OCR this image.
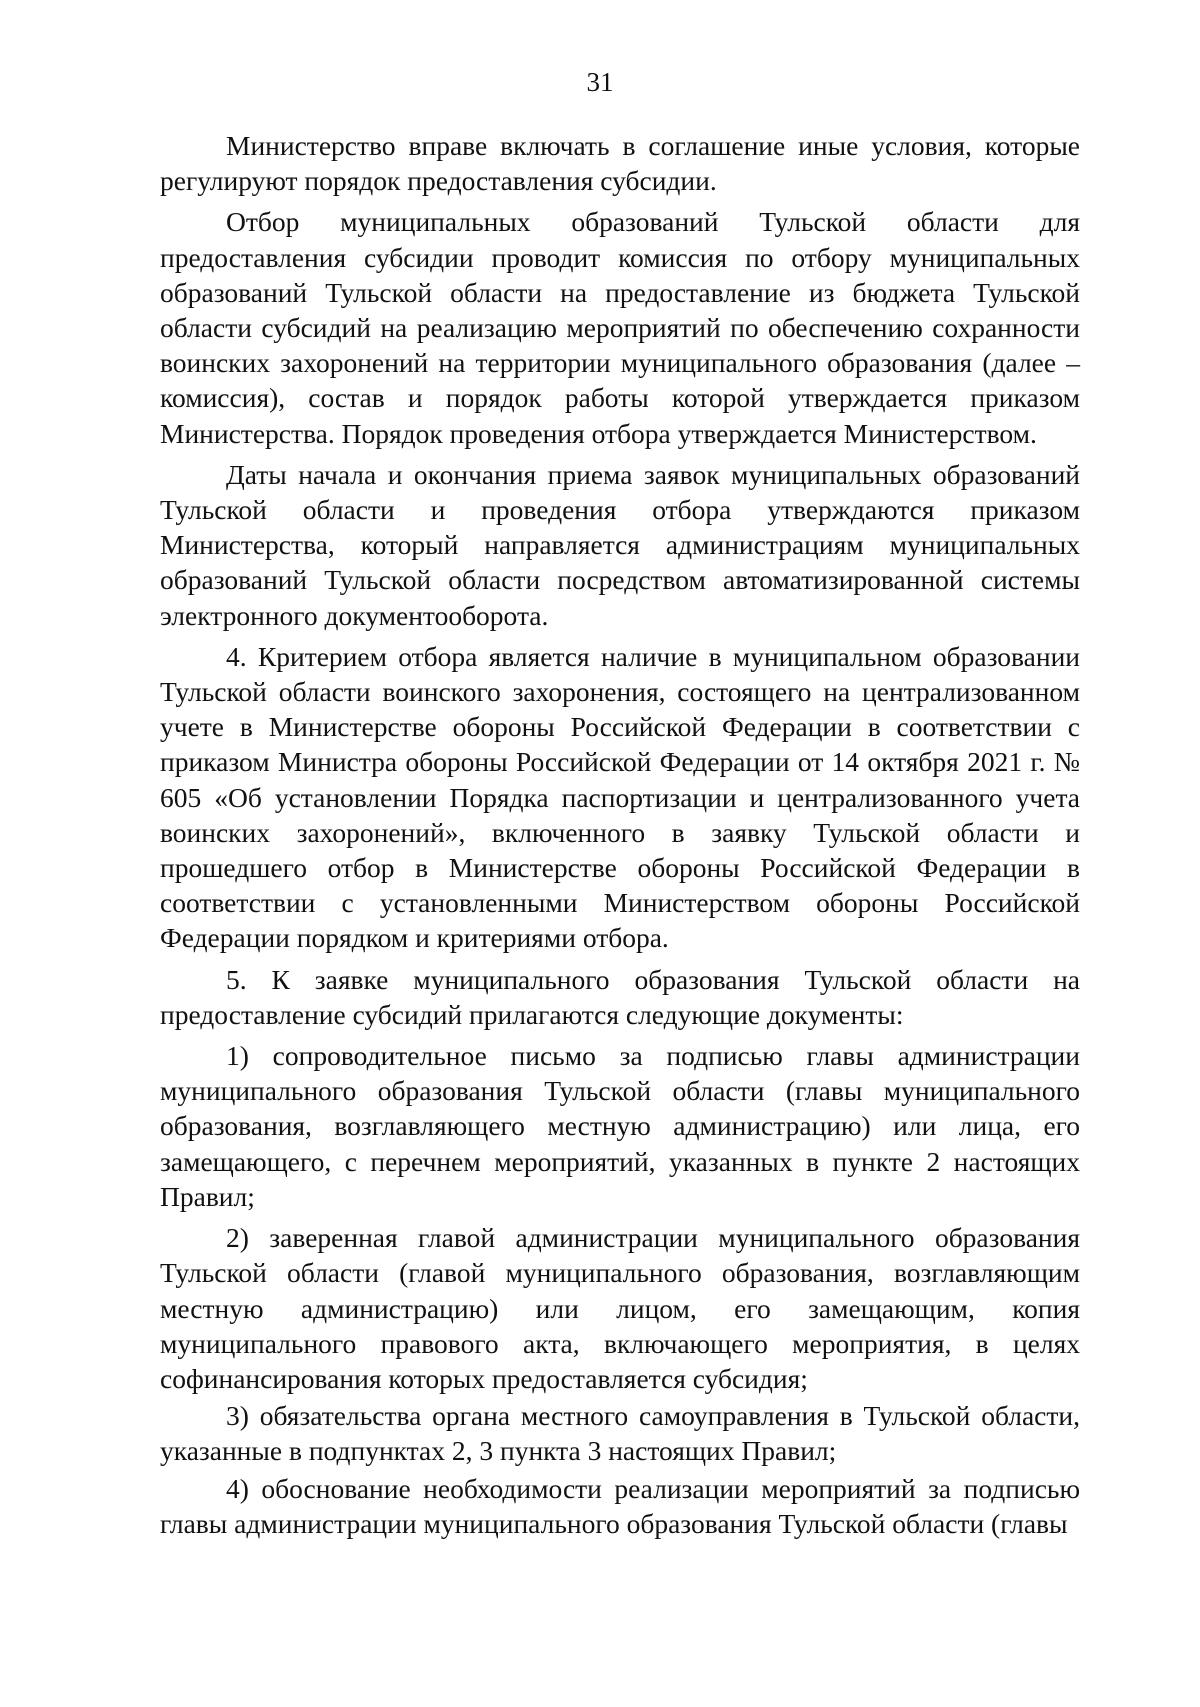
31

Министерство вправе включать в соглашение иные условия, которые регулируют порядок предоставления субсидии.

Отбор муниципальных образований Тульской области для предоставления субсидии проводит комиссия по отбору муниципальных образований Тульской области на предоставление из бюджета Тульской области субсидий на реализацию мероприятий по обеспечению сохранности воинских захоронений на территории муниципального образования (далее – комиссия), состав и порядок работы которой утверждается приказом Министерства. Порядок проведения отбора утверждается Министерством.

Даты начала и окончания приема заявок муниципальных образований Тульской области и проведения отбора утверждаются приказом Министерства, который направляется администрациям муниципальных образований Тульской области посредством автоматизированной системы электронного документооборота.

4. Критерием отбора является наличие в муниципальном образовании Тульской области воинского захоронения, состоящего на централизованном учете в Министерстве обороны Российской Федерации в соответствии с приказом Министра обороны Российской Федерации от 14 октября 2021 г. № 605 «Об установлении Порядка паспортизации и централизованного учета воинских захоронений», включенного в заявку Тульской области и прошедшего отбор в Министерстве обороны Российской Федерации в соответствии с установленными Министерством обороны Российской Федерации порядком и критериями отбора.

5. К заявке муниципального образования Тульской области на предоставление субсидий прилагаются следующие документы:

1) сопроводительное письмо за подписью главы администрации муниципального образования Тульской области (главы муниципального образования, возглавляющего местную администрацию) или лица, его замещающего, с перечнем мероприятий, указанных в пункте 2 настоящих Правил;

2) заверенная главой администрации муниципального образования Тульской области (главой муниципального образования, возглавляющим местную администрацию) или лицом, его замещающим, копия муниципального правового акта, включающего мероприятия, в целях софинансирования которых предоставляется субсидия;

3) обязательства органа местного самоуправления в Тульской области, указанные в подпунктах 2, 3 пункта 3 настоящих Правил;

4) обоснование необходимости реализации мероприятий за подписью главы администрации муниципального образования Тульской области (главы
